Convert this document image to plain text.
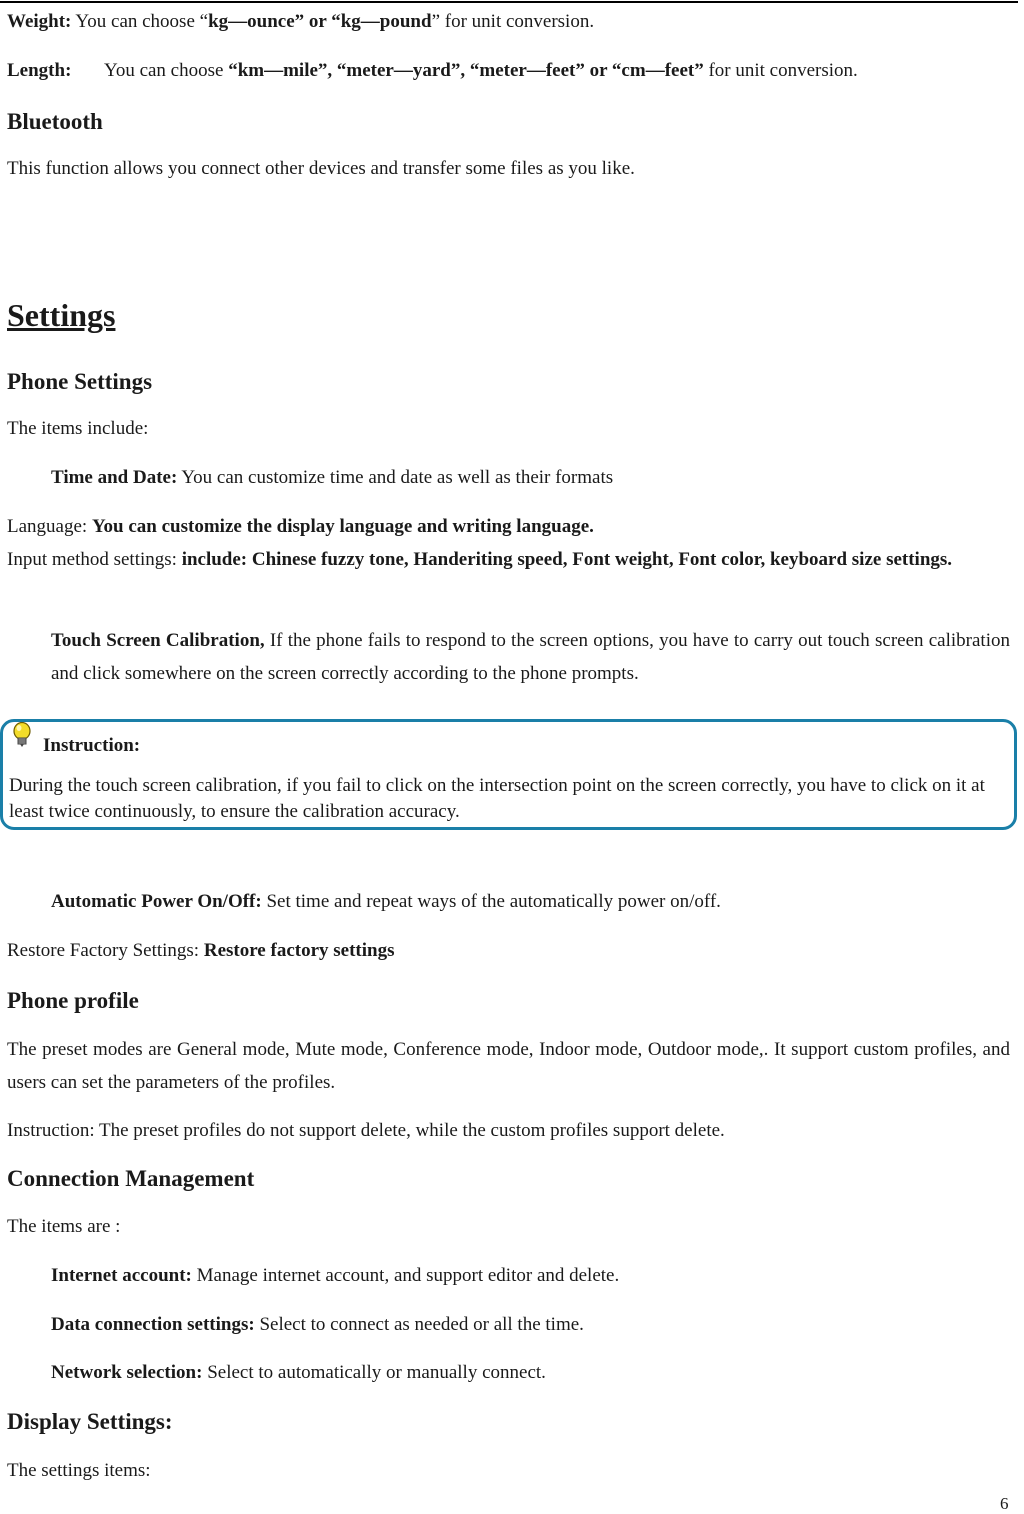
Weight: You can choose “kg—ounce” or “kg—pound” for unit conversion.
Length: You can choose “km—mile”, “meter—yard”, “meter—feet” or “cm—feet” for unit conversion.
Bluetooth
This function allows you connect other devices and transfer some files as you like.
Settings
Phone Settings
The items include:
Time and Date: You can customize time and date as well as their formats
Language: You can customize the display language and writing language.
Input method settings: include: Chinese fuzzy tone, Handeriting speed, Font weight, Font color, keyboard size settings.
Touch Screen Calibration, If the phone fails to respond to the screen options, you have to carry out touch screen calibration and click somewhere on the screen correctly according to the phone prompts.
Instruction:
During the touch screen calibration, if you fail to click on the intersection point on the screen correctly, you have to click on it at least twice continuously, to ensure the calibration accuracy.
Automatic Power On/Off: Set time and repeat ways of the automatically power on/off.
Restore Factory Settings: Restore factory settings
Phone profile
The preset modes are General mode, Mute mode, Conference mode, Indoor mode, Outdoor mode,. It support custom profiles, and users can set the parameters of the profiles.
Instruction: The preset profiles do not support delete, while the custom profiles support delete.
Connection Management
The items are :
Internet account: Manage internet account, and support editor and delete.
Data connection settings: Select to connect as needed or all the time.
Network selection: Select to automatically or manually connect.
Display Settings:
The settings items:
6
